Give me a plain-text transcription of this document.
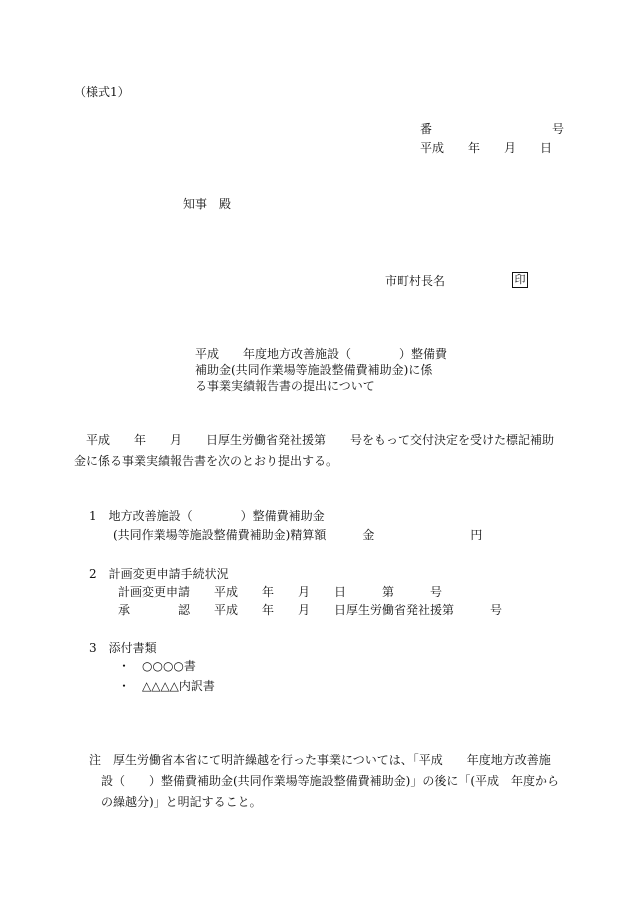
（様式1）
番　　　　　　　　　　号
平成　　年　　月　　日
知事　殿
市町村長名	印
平成　　年度地方改善施設（　　　　）整備費
補助金(共同作業場等施設整備費補助金)に係
る事業実績報告書の提出について
　平成　　年　　月　　日厚生労働省発社援第　　号をもって交付決定を受けた標記補助
金に係る事業実績報告書を次のとおり提出する。
1　地方改善施設（　　　　）整備費補助金
(共同作業場等施設整備費補助金)精算額　　　金　　　　　　　　円
2　計画変更申請手続状況
計画変更申請　　平成　　年　　月　　日　　　第　　　号
承　　　　認　　平成　　年　　月　　日厚生労働省発社援第　　　号
3　添付書類
・　○○○○書
・　△△△△内訳書
注　厚生労働省本省にて明許繰越を行った事業については、「平成　　年度地方改善施
設（　　）整備費補助金(共同作業場等施設整備費補助金)」の後に「(平成　年度から
の繰越分)」と明記すること。
